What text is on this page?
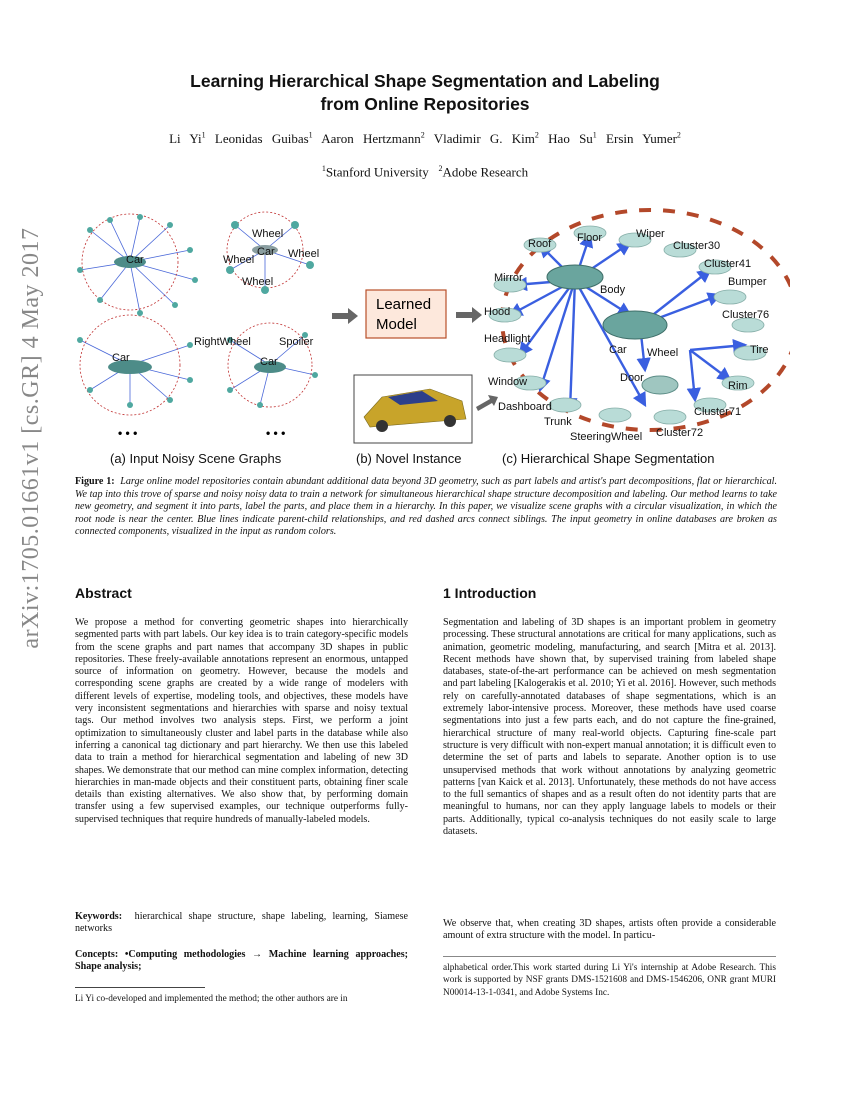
Learning Hierarchical Shape Segmentation and Labeling
from Online Repositories
Li Yi$^1$ Leonidas Guibas$^1$ Aaron Hertzmann$^2$ Vladimir G. Kim$^2$ Hao Su$^1$ Ersin Yumer$^2$
$^1$Stanford University $^2$Adobe Research
arXiv:1705.01661v1 [cs.GR] 4 May 2017	Car
Wheel
Wheel	Wheel
Wheel
Car
Car
RightWheel	Spoiler
Car
• • •	• • •
(a) Input Noisy Scene Graphs
Learned
Model
(b) Novel Instance
Floor	Wiper
Roof	Cluster30
Cluster41
Mirror	Bumper
Body
Hood	Cluster76
Headlight
Car Wheel	Tire
Window	Door
Rim
Dashboard	Cluster71
Trunk
Cluster72
SteeringWheel
(c) Hierarchical Shape Segmentation
Figure 1: Large online model repositories contain abundant additional data beyond 3D geometry, such as part labels and artist's part decompositions, flat or hierarchical. We tap into this trove of sparse and noisy noisy data to train a network for simultaneous hierarchical shape structure decomposition and labeling. Our method learns to take new geometry, and segment it into parts, label the parts, and place them in a hierarchy. In this paper, we visualize scene graphs with a circular visualization, in which the root node is near the center. Blue lines indicate parent-child relationships, and red dashed arcs connect siblings. The input geometry in online databases are broken as connected components, visualized in the input as random colors.
Abstract
We propose a method for converting geometric shapes into hierarchically segmented parts with part labels. Our key idea is to train category-specific models from the scene graphs and part names that accompany 3D shapes in public repositories. These freely-available annotations represent an enormous, untapped source of information on geometry. However, because the models and corresponding scene graphs are created by a wide range of modelers with different levels of expertise, modeling tools, and objectives, these models have very inconsistent segmentations and hierarchies with sparse and noisy textual tags. Our method involves two analysis steps. First, we perform a joint optimization to simultaneously cluster and label parts in the database while also inferring a canonical tag dictionary and part hierarchy. We then use this labeled data to train a method for hierarchical segmentation and labeling of new 3D shapes. We demonstrate that our method can mine complex information, detecting hierarchies in man-made objects and their constituent parts, obtaining finer scale details than existing alternatives. We also show that, by performing domain transfer using a few supervised examples, our technique outperforms fully-supervised techniques that require hundreds of manually-labeled models.
Keywords: hierarchical shape structure, shape labeling, learning, Siamese networks
Concepts: •Computing methodologies → Machine learning approaches; Shape analysis;
Li Yi co-developed and implemented the method; the other authors are in
1 Introduction
Segmentation and labeling of 3D shapes is an important problem in geometry processing. These structural annotations are critical for many applications, such as animation, geometric modeling, manufacturing, and search [Mitra et al. 2013]. Recent methods have shown that, by supervised training from labeled shape databases, state-of-the-art performance can be achieved on mesh segmentation and part labeling [Kalogerakis et al. 2010; Yi et al. 2016]. However, such methods rely on carefully-annotated databases of shape segmentations, which is an extremely labor-intensive process. Moreover, these methods have used coarse segmentations into just a few parts each, and do not capture the fine-grained, hierarchical structure of many real-world objects. Capturing fine-scale part structure is very difficult with non-expert manual annotation; it is difficult even to determine the set of parts and labels to separate. Another option is to use unsupervised methods that work without annotations by analyzing geometric patterns [van Kaick et al. 2013]. Unfortunately, these methods do not have access to the full semantics of shapes and as a result often do not identity parts that are meaningful to humans, nor can they apply language labels to models or their parts. Additionally, typical co-analysis techniques do not easily scale to large datasets.
We observe that, when creating 3D shapes, artists often provide a considerable amount of extra structure with the model. In particu-
alphabetical order.This work started during Li Yi's internship at Adobe Research. This work is supported by NSF grants DMS-1521608 and DMS-1546206, ONR grant MURI N00014-13-1-0341, and Adobe Systems Inc.
